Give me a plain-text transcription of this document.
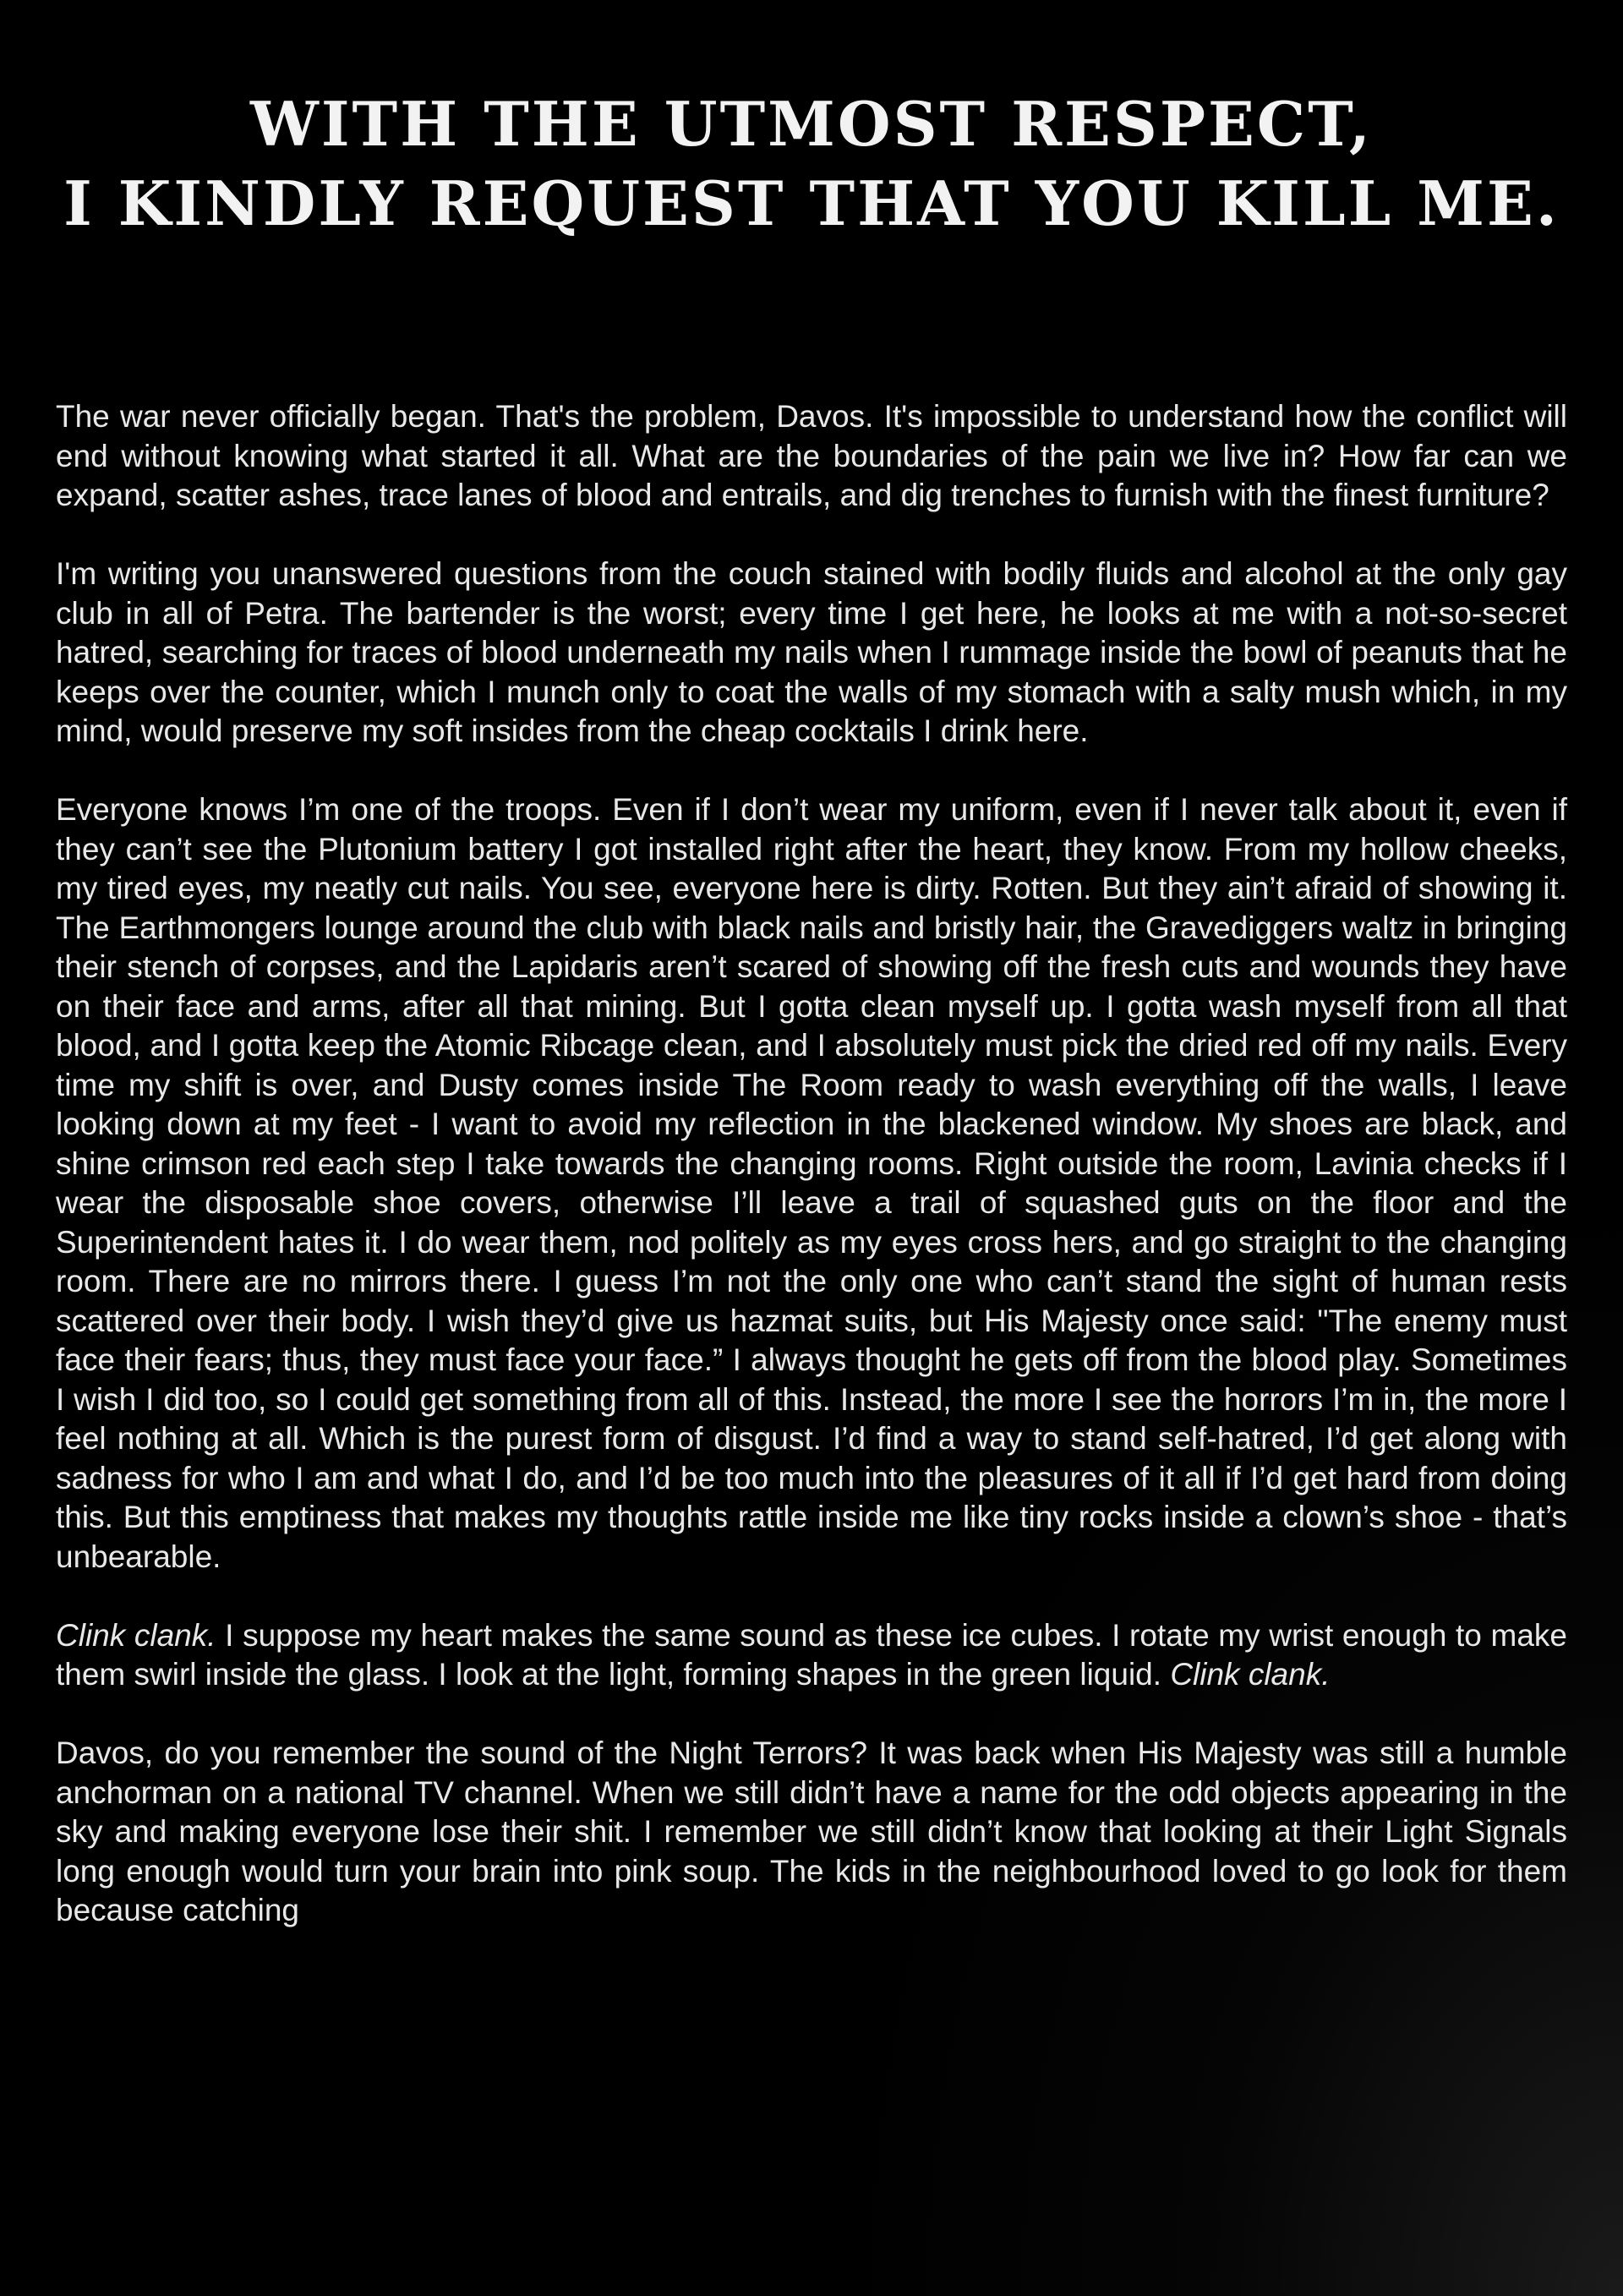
WITH THE UTMOST RESPECT,
I KINDLY REQUEST THAT YOU KILL ME.

The war never officially began. That's the problem, Davos. It's impossible to understand how the conflict will end without knowing what started it all. What are the boundaries of the pain we live in? How far can we expand, scatter ashes, trace lanes of blood and entrails, and dig trenches to furnish with the finest furniture?

I'm writing you unanswered questions from the couch stained with bodily fluids and alcohol at the only gay club in all of Petra. The bartender is the worst; every time I get here, he looks at me with a not-so-secret hatred, searching for traces of blood underneath my nails when I rummage inside the bowl of peanuts that he keeps over the counter, which I munch only to coat the walls of my stomach with a salty mush which, in my mind, would preserve my soft insides from the cheap cocktails I drink here.

Everyone knows I’m one of the troops. Even if I don’t wear my uniform, even if I never talk about it, even if they can’t see the Plutonium battery I got installed right after the heart, they know. From my hollow cheeks, my tired eyes, my neatly cut nails. You see, everyone here is dirty. Rotten. But they ain’t afraid of showing it. The Earthmongers lounge around the club with black nails and bristly hair, the Gravediggers waltz in bringing their stench of corpses, and the Lapidaris aren’t scared of showing off the fresh cuts and wounds they have on their face and arms, after all that mining. But I gotta clean myself up. I gotta wash myself from all that blood, and I gotta keep the Atomic Ribcage clean, and I absolutely must pick the dried red off my nails. Every time my shift is over, and Dusty comes inside The Room ready to wash everything off the walls, I leave looking down at my feet - I want to avoid my reflection in the blackened window. My shoes are black, and shine crimson red each step I take towards the changing rooms. Right outside the room, Lavinia checks if I wear the disposable shoe covers, otherwise I’ll leave a trail of squashed guts on the floor and the Superintendent hates it. I do wear them, nod politely as my eyes cross hers, and go straight to the changing room. There are no mirrors there. I guess I’m not the only one who can’t stand the sight of human rests scattered over their body. I wish they’d give us hazmat suits, but His Majesty once said: "The enemy must face their fears; thus, they must face your face.” I always thought he gets off from the blood play. Sometimes I wish I did too, so I could get something from all of this. Instead, the more I see the horrors I’m in, the more I feel nothing at all. Which is the purest form of disgust. I’d find a way to stand self-hatred, I’d get along with sadness for who I am and what I do, and I’d be too much into the pleasures of it all if I’d get hard from doing this. But this emptiness that makes my thoughts rattle inside me like tiny rocks inside a clown’s shoe - that’s unbearable.

Clink clank. I suppose my heart makes the same sound as these ice cubes. I rotate my wrist enough to make them swirl inside the glass. I look at the light, forming shapes in the green liquid. Clink clank.

Davos, do you remember the sound of the Night Terrors? It was back when His Majesty was still a humble anchorman on a national TV channel. When we still didn’t have a name for the odd objects appearing in the sky and making everyone lose their shit. I remember we still didn’t know that looking at their Light Signals long enough would turn your brain into pink soup. The kids in the neighbourhood loved to go look for them because catching
